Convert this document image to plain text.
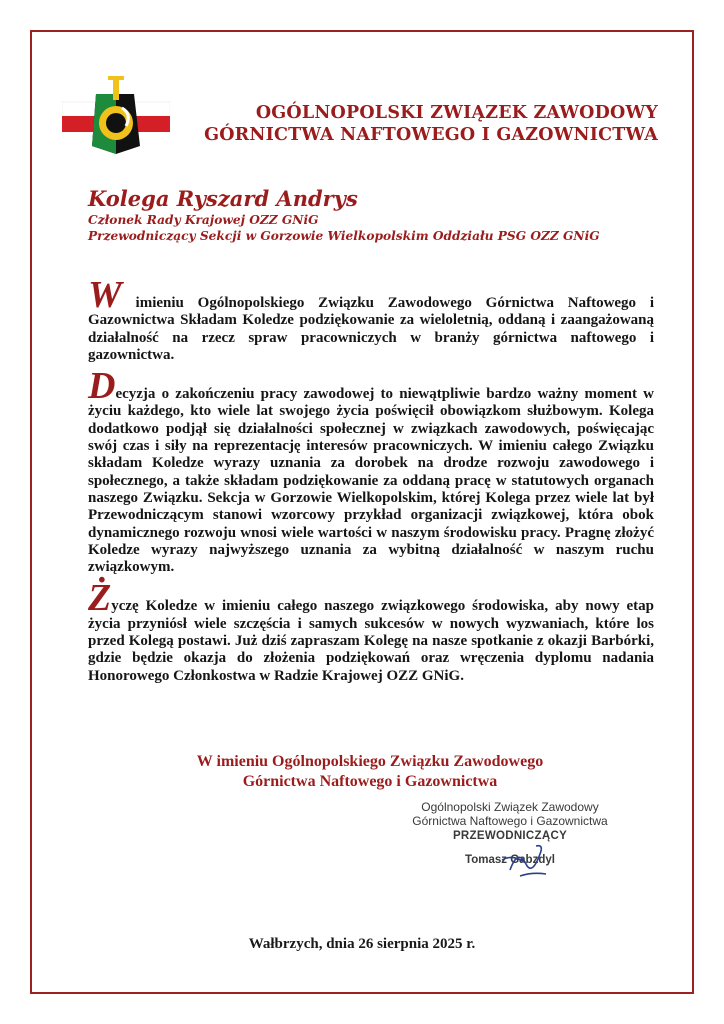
OGÓLNOPOLSKI ZWIĄZEK ZAWODOWY
GÓRNICTWA NAFTOWEGO I GAZOWNICTWA
Kolega Ryszard Andrys
Członek Rady Krajowej OZZ GNiG
Przewodniczący Sekcji w Gorzowie Wielkopolskim Oddziału PSG OZZ GNiG

W imieniu Ogólnopolskiego Związku Zawodowego Górnictwa Naftowego i Gazownictwa Składam Koledze podziękowanie za wieloletnią, oddaną i zaangażowaną działalność na rzecz spraw pracowniczych w branży górnictwa naftowego i gazownictwa.

Decyzja o zakończeniu pracy zawodowej to niewątpliwie bardzo ważny moment w życiu każdego, kto wiele lat swojego życia poświęcił obowiązkom służbowym. Kolega dodatkowo podjął się działalności społecznej w związkach zawodowych, poświęcając swój czas i siły na reprezentację interesów pracowniczych. W imieniu całego Związku składam Koledze wyrazy uznania za dorobek na drodze rozwoju zawodowego i społecznego, a także składam podziękowanie za oddaną pracę w statutowych organach naszego Związku. Sekcja w Gorzowie Wielkopolskim, której Kolega przez wiele lat był Przewodniczącym stanowi wzorcowy przykład organizacji związkowej, która obok dynamicznego rozwoju wnosi wiele wartości w naszym środowisku pracy. Pragnę złożyć Koledze wyrazy najwyższego uznania za wybitną działalność w naszym ruchu związkowym.

Życzę Koledze w imieniu całego naszego związkowego środowiska, aby nowy etap życia przyniósł wiele szczęścia i samych sukcesów w nowych wyzwaniach, które los przed Kolegą postawi. Już dziś zapraszam Kolegę na nasze spotkanie z okazji Barbórki, gdzie będzie okazja do złożenia podziękowań oraz wręczenia dyplomu nadania Honorowego Członkostwa w Radzie Krajowej OZZ GNiG.

W imieniu Ogólnopolskiego Związku Zawodowego
Górnictwa Naftowego i Gazownictwa
Ogólnopolski Związek Zawodowy
Górnictwa Naftowego i Gazownictwa
PRZEWODNICZĄCY
Tomasz Gabzdyl
Wałbrzych, dnia 26 sierpnia 2025 r.
